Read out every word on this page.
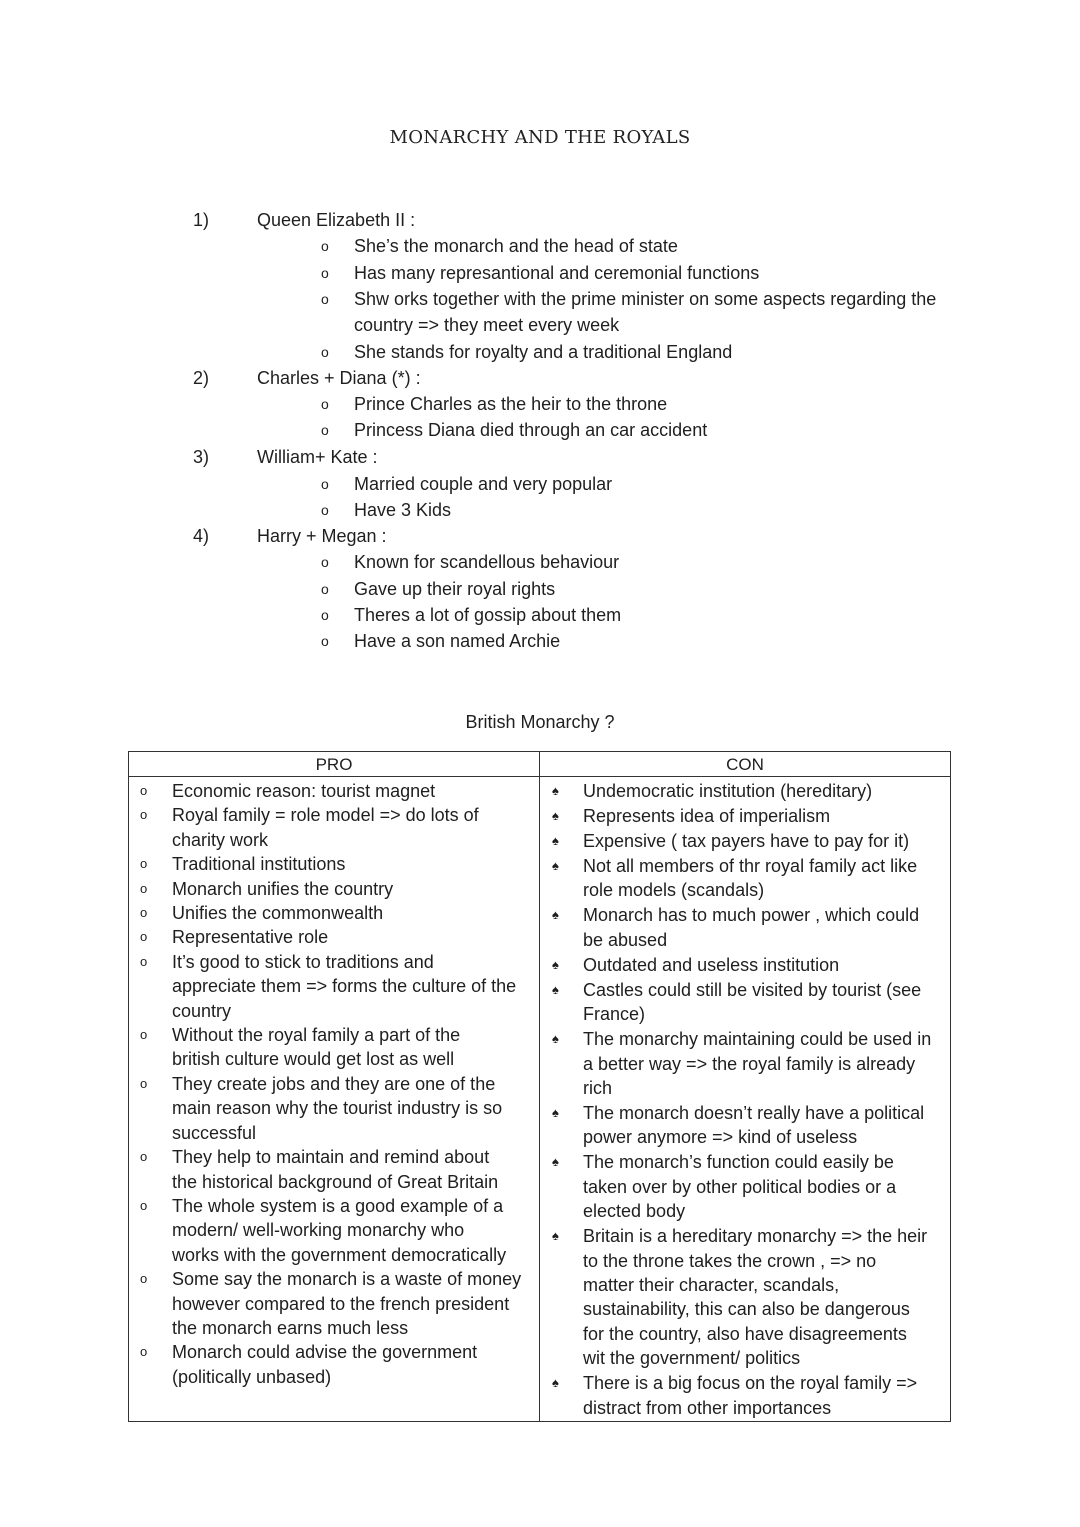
MONARCHY AND THE ROYALS
1)	Queen Elizabeth II :
o She’s the monarch and the head of state
o Has many represantional and ceremonial functions
o Shw orks together with the prime minister on some aspects regarding the
country => they meet every week
o She stands for royalty and a traditional England
2)	Charles + Diana (*) :
o Prince Charles as the heir to the throne
o Princess Diana died through an car accident
3)	William+ Kate :
o Married couple and very popular
o Have 3 Kids
4)	Harry + Megan :
o Known for scandellous behaviour
o Gave up their royal rights
o Theres a lot of gossip about them
o Have a son named Archie
British Monarchy ?
PRO	CON
o Economic reason: tourist magnet
o Royal family = role model => do lots of
charity work
o Traditional institutions
o Monarch unifies the country
o Unifies the commonwealth
o Representative role
o It’s good to stick to traditions and
appreciate them => forms the culture of the
country
o Without the royal family a part of the
british culture would get lost as well
o They create jobs and they are one of the
main reason why the tourist industry is so
successful
o They help to maintain and remind about
the historical background of Great Britain
o The whole system is a good example of a
modern/ well-working monarchy who
works with the government democratically
o Some say the monarch is a waste of money
however compared to the french president
the monarch earns much less
o Monarch could advise the government
(politically unbased)
♠ Undemocratic institution (hereditary)
♠ Represents idea of imperialism
♠ Expensive ( tax payers have to pay for it)
♠ Not all members of thr royal family act like
role models (scandals)
♠ Monarch has to much power , which could
be abused
♠ Outdated and useless institution
♠ Castles could still be visited by tourist (see
France)
♠ The monarchy maintaining could be used in
a better way => the royal family is already
rich
♠ The monarch doesn’t really have a political
power anymore => kind of useless
♠ The monarch’s function could easily be
taken over by other political bodies or a
elected body
♠ Britain is a hereditary monarchy => the heir
to the throne takes the crown , => no
matter their character, scandals,
sustainability, this can also be dangerous
for the country, also have disagreements
wit the government/ politics
♠ There is a big focus on the royal family =>
distract from other importances
